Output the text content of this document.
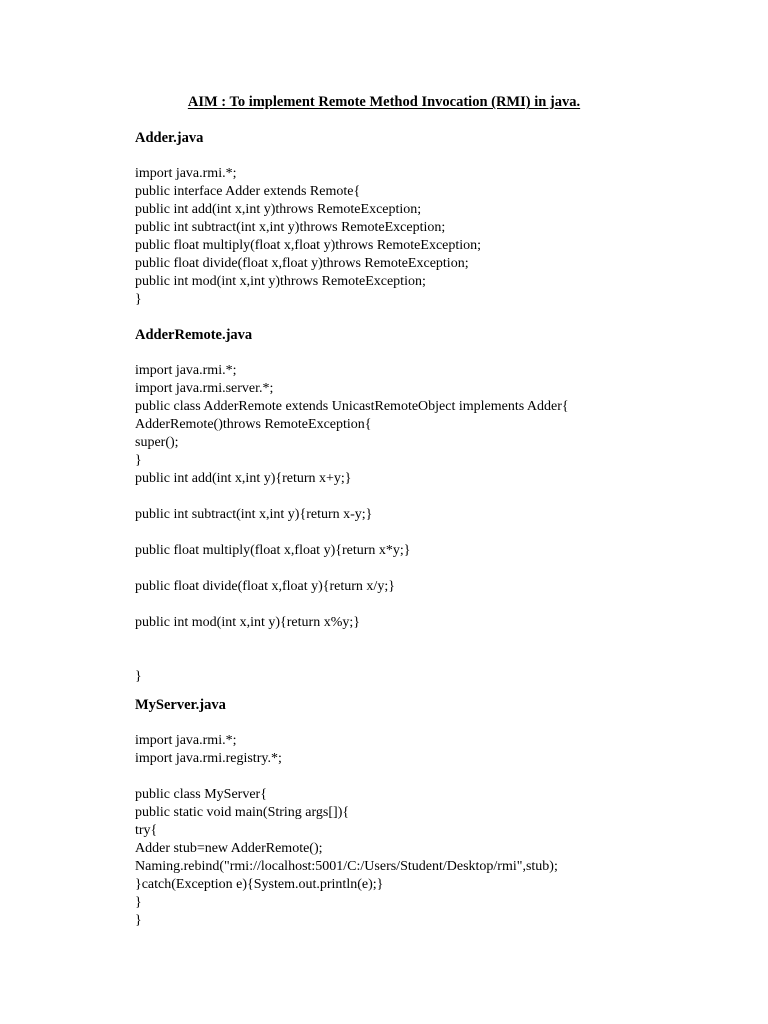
AIM : To implement Remote Method Invocation (RMI) in java.

Adder.java

import java.rmi.*;
public interface Adder extends Remote{
public int add(int x,int y)throws RemoteException;
public int subtract(int x,int y)throws RemoteException;
public float multiply(float x,float y)throws RemoteException;
public float divide(float x,float y)throws RemoteException;
public int mod(int x,int y)throws RemoteException;
}

AdderRemote.java

import java.rmi.*;
import java.rmi.server.*;
public class AdderRemote extends UnicastRemoteObject implements Adder{
AdderRemote()throws RemoteException{
super();
}
public int add(int x,int y){return x+y;}
public int subtract(int x,int y){return x-y;}
public float multiply(float x,float y){return x*y;}
public float divide(float x,float y){return x/y;}
public int mod(int x,int y){return x%y;}
}

MyServer.java

import java.rmi.*;
import java.rmi.registry.*;
public class MyServer{
public static void main(String args[]){
try{
Adder stub=new AdderRemote();
Naming.rebind("rmi://localhost:5001/C:/Users/Student/Desktop/rmi",stub);
}catch(Exception e){System.out.println(e);}
}
}
